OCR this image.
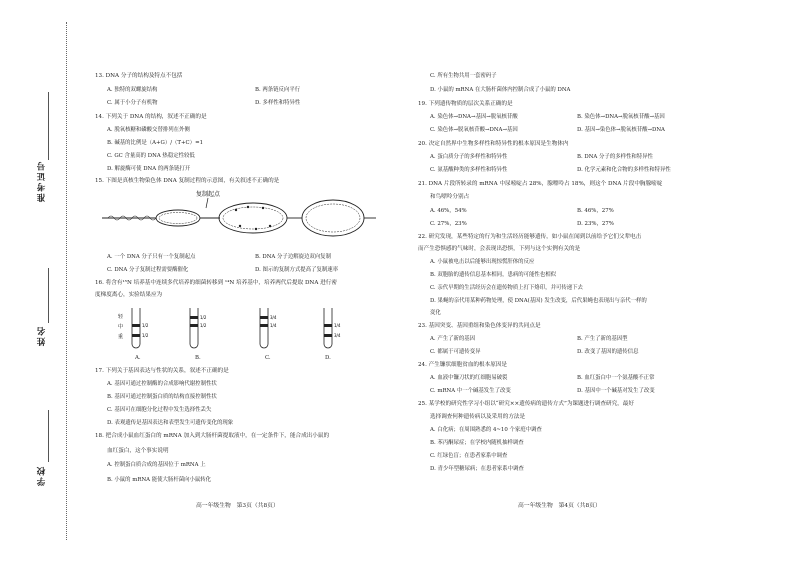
准考证号
姓名
学校
13. DNA 分子的结构及特点不包括
A. 独特的双螺旋结构	B. 两条链反向平行
C. 属于小分子有机物	D. 多样性和特异性
14. 下列关于 DNA 的结构，叙述不正确的是
A. 脱氧核糖和磷酸交替排列在外侧
B. 碱基的比例是（A+G）/（T+C）=1
C. GC 含量高的 DNA 热稳定性较低
D. 解旋酶可使 DNA 的两条链打开
15. 下图是真核生物染色体 DNA 复制过程的示意图，有关叙述不正确的是
复制起点
A. 一个 DNA 分子只有一个复制起点	B. DNA 分子边解旋边双向复制
C. DNA 分子复制过程需要酶催化	D. 图示的复制方式提高了复制速率
16. 将含有¹⁵N 培养基中连续多代培养的细菌转移到 ¹⁴N 培养基中，培养两代后提取 DNA 进行密
度梯度离心，实验结果应为
轻
中
重
1/2
1/2
1/2
1/2
3/4
1/4	1/4
3/4
A.	B.	C.	D.
17. 下列关于基因表达与性状的关系，叙述不正确的是
A. 基因可通过控制酶的合成影响代谢控制性状
B. 基因可通过控制蛋白质的结构直接控制性状
C. 基因可在细胞分化过程中发生选择性丢失
D. 表观遗传是基因表达和表型发生可遗传变化的现象
18. 把合成小鼠血红蛋白的 mRNA 加入到大肠杆菌提取液中，在一定条件下，能合成出小鼠的
血红蛋白，这个事实说明
A. 控制蛋白质合成的基因位于 mRNA 上
B. 小鼠的 mRNA 能使大肠杆菌向小鼠转化
高一年级生物　第3页（共8页）
C. 所有生物共用一套密码子
D. 小鼠的 mRNA 在大肠杆菌体内控制合成了小鼠的 DNA
19. 下列遗传物质的层次关系正确的是
A. 染色体→DNA→基因→脱氧核苷酸	B. 染色体→DNA→脱氧核苷酸→基因
C. 染色体→脱氧核苷酸→DNA→基因	D. 基因→染色体→脱氧核苷酸→DNA
20. 决定自然界中生物多样性和特异性的根本原因是生物体内
A. 蛋白质分子的多样性和特异性	B. DNA 分子的多样性和特异性
C. 氨基酸种类的多样性和特异性	D. 化学元素和化合物的多样性和特异性
21. DNA 片段所转录的 mRNA 中尿嘧啶占 28%，腺嘌呤占 18%，则这个 DNA 片段中胸腺嘧啶
和鸟嘌呤分别占
A. 46%，54%	B. 46%，27%
C. 27%，23%	D. 23%，27%
22. 研究发现，某些特定的行为和生活经历能够遗传，如小鼠在闻到以前给予它们父辈电击
而产生恐惧感的气味时，会表现出恐惧，下列与这个实例有关的是
A. 小鼠被电击以后能够出现惊慌肝体的反应
B. 双胞胎的遗传信息基本相同，患病的可能性也相似
C. 亲代早期的生活经历会在遗传物质上打下烙印，并可传递下去
D. 果蝇的亲代用某种药物处理，使 DNA(基因) 发生改变，后代果蝇也表现出与亲代一样的
変化
23. 基因突变、基因重组和染色体变异的共同点是
A. 产生了新的基因	B. 产生了新的基因型
C. 都属于可遗传变异	D. 改变了基因的遗传信息
24. 产生镰状细胞贫血的根本原因是
A. 血液中镰刀状的红细胞易破裂	B. 血红蛋白中一个氨基酸不正常
C. mRNA 中一个碱基发生了改变	D. 基因中一个碱基对发生了改变
25. 某学校的研究性学习小组以“研究××遗传病的遗传方式”为课题进行调查研究，最好
选择调查何种遗传病以及采用的方法是
A. 白化病；在周围熟悉的 4~10 个家庭中调查
B. 苯丙酮尿症；在学校内随机抽样调查
C. 红绿色盲；在患者家系中调查
D. 青少年型糖尿病；在患者家系中调查
高一年级生物　第4页（共8页）
